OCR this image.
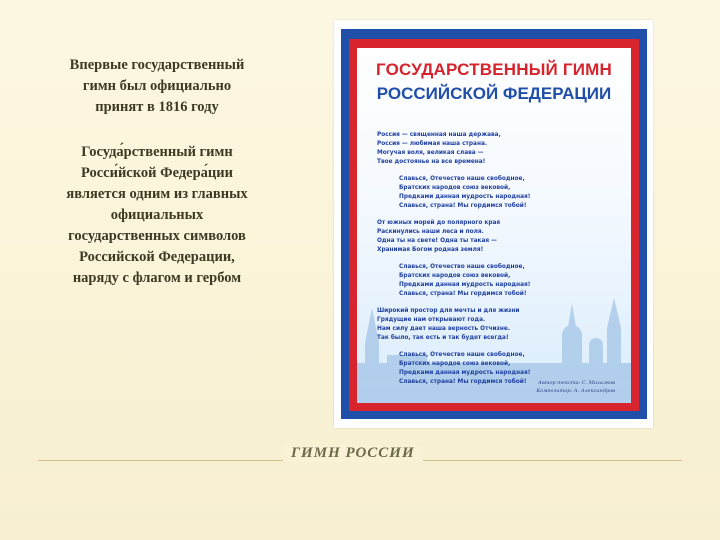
Впервые государственный
гимн был официально
принят в 1816 году

Госуда́рственный гимн
Росси́йской Федера́ции
является одним из главных
официальных
государственных символов
Российской Федерации,
наряду с флагом и гербом

ГОСУДАРСТВЕННЫЙ ГИМН
РОССИЙСКОЙ ФЕДЕРАЦИИ
Россия — священная наша держава,
Россия — любимая наша страна.
Могучая воля, великая слава —
Твое достоянье на все времена!
Славься, Отечество наше свободное,
Братских народов союз вековой,
Предками данная мудрость народная!
Славься, страна! Мы гордимся тобой!
От южных морей до полярного края
Раскинулись наши леса и поля.
Одна ты на свете! Одна ты такая —
Хранимая Богом родная земля!
Славься, Отечество наше свободное,
Братских народов союз вековой,
Предками данная мудрость народная!
Славься, страна! Мы гордимся тобой!
Широкий простор для мечты и для жизни
Грядущие нам открывают года.
Нам силу дает наша верность Отчизне.
Так было, так есть и так будет всегда!
Славься, Отечество наше свободное,
Братских народов союз вековой,
Предками данная мудрость народная!
Славься, страна! Мы гордимся тобой!	Автор текста: С. Михалков
Композитор: А. Александров
ГИМН РОССИИ
